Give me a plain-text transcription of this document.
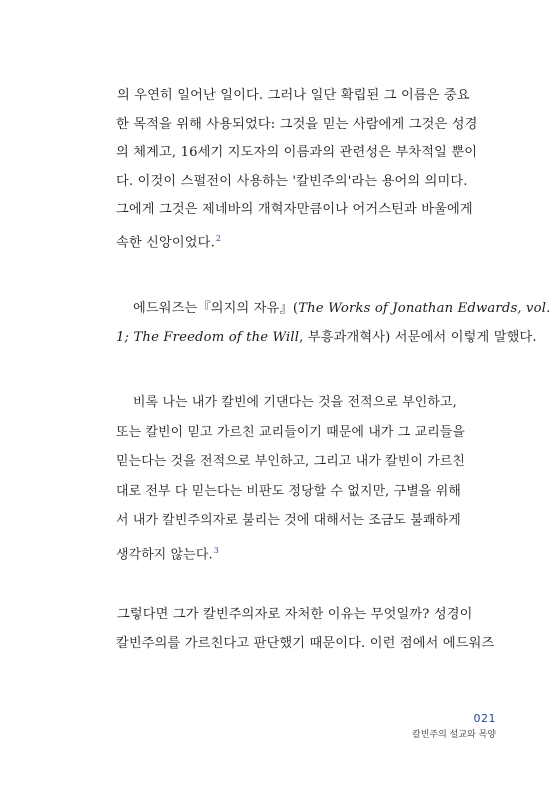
의 우연히 일어난 일이다. 그러나 일단 확립된 그 이름은 중요
한 목적을 위해 사용되었다: 그것을 믿는 사람에게 그것은 성경
의 체계고, 16세기 지도자의 이름과의 관련성은 부차적일 뿐이
다. 이것이 스펄전이 사용하는 '칼빈주의'라는 용어의 의미다.
그에게 그것은 제네바의 개혁자만큼이나 어거스틴과 바울에게
속한 신앙이었다.$^2$
에드워즈는『의지의 자유』(The Works of Jonathan Edwards, vol.
1; The Freedom of the Will, 부흥과개혁사) 서문에서 이렇게 말했다.
비록 나는 내가 칼빈에 기댄다는 것을 전적으로 부인하고,
또는 칼빈이 믿고 가르친 교리들이기 때문에 내가 그 교리들을
믿는다는 것을 전적으로 부인하고, 그리고 내가 칼빈이 가르친
대로 전부 다 믿는다는 비판도 정당할 수 없지만, 구별을 위해
서 내가 칼빈주의자로 불리는 것에 대해서는 조금도 불쾌하게
생각하지 않는다.$^3$
그렇다면 그가 칼빈주의자로 자처한 이유는 무엇일까? 성경이
칼빈주의를 가르친다고 판단했기 때문이다. 이런 점에서 에드워즈
021
칼빈주의 설교와 목양
